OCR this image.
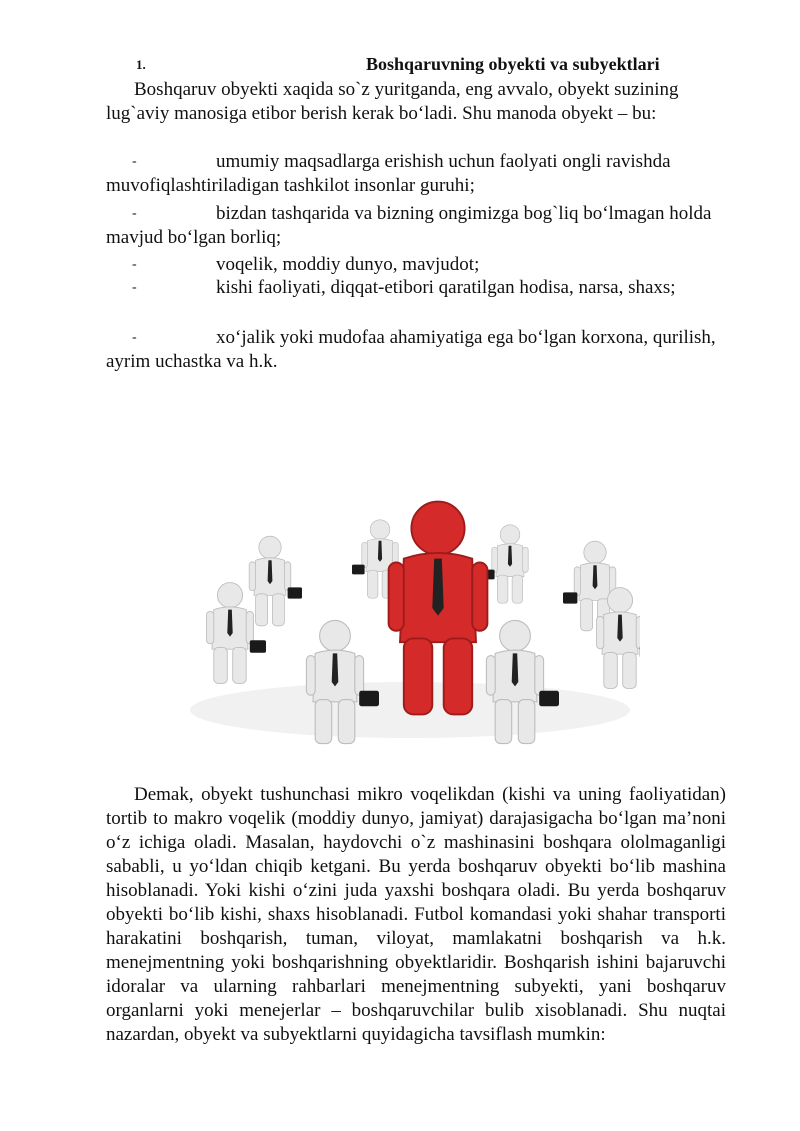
1.	Boshqaruvning obyekti va subyektlari
Boshqaruv obyekti xaqida so`z yuritganda, eng avvalo, obyekt suzining lug`aviy manosiga etibor berish kerak bo‘ladi. Shu manoda obyekt – bu:
-	umumiy maqsadlarga erishish uchun faolyati ongli ravishda muvofiqlashtiriladigan tashkilot insonlar guruhi;
-	bizdan tashqarida va bizning ongimizga bog`liq bo‘lmagan holda mavjud bo‘lgan borliq;
-	voqelik, moddiy dunyo, mavjudot;
-	kishi faoliyati, diqqat-etibori qaratilgan hodisa, narsa, shaxs;
-	xo‘jalik yoki mudofaa ahamiyatiga ega bo‘lgan korxona, qurilish, ayrim uchastka va h.k.
Demak, obyekt tushunchasi mikro voqelikdan (kishi va uning faoliyatidan) tortib to makro voqelik (moddiy dunyo, jamiyat) darajasigacha bo‘lgan ma’noni o‘z ichiga oladi. Masalan, haydovchi o`z mashinasini boshqara ololmaganligi sababli, u yo‘ldan chiqib ketgani. Bu yerda boshqaruv obyekti bo‘lib mashina hisoblanadi. Yoki kishi o‘zini juda yaxshi boshqara oladi. Bu yerda boshqaruv obyekti bo‘lib kishi, shaxs hisoblanadi. Futbol komandasi yoki shahar transporti harakatini boshqarish, tuman, viloyat, mamlakatni boshqarish va h.k. menejmentning yoki boshqarishning obyektlaridir. Boshqarish ishini bajaruvchi idoralar va ularning rahbarlari menejmentning subyekti, yani boshqaruv organlarni yoki menejerlar – boshqaruvchilar bulib xisoblanadi. Shu nuqtai nazardan, obyekt va subyektlarni quyidagicha tavsiflash mumkin:
